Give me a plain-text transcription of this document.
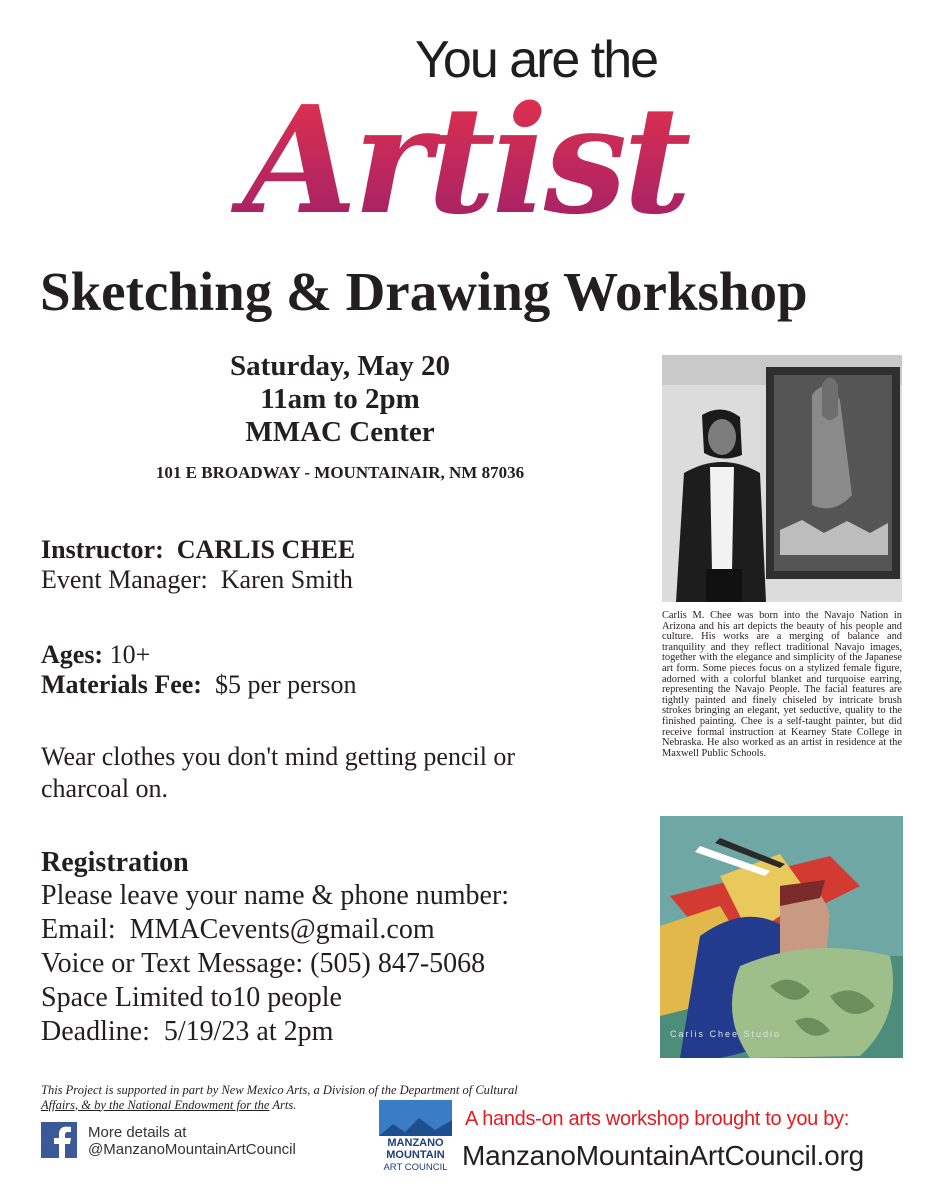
You are the
Artist
Sketching & Drawing Workshop
Saturday, May 20
11am to 2pm
MMAC Center
101 E BROADWAY - MOUNTAINAIR, NM 87036
Instructor: CARLIS CHEE
Event Manager: Karen Smith
Ages: 10+
Materials Fee: $5 per person
Wear clothes you don't mind getting pencil or
charcoal on.
Registration
Please leave your name & phone number:
Email: MMACevents@gmail.com
Voice or Text Message: (505) 847-5068
Space Limited to10 people
Deadline: 5/19/23 at 2pm
Carlis M. Chee was born into the Navajo Nation in Arizona and his art depicts the beauty of his people and culture. His works are a merging of balance and tranquility and they reflect traditional Navajo images, together with the elegance and simplicity of the Japanese art form. Some pieces focus on a stylized female figure, adorned with a colorful blanket and turquoise earring, representing the Navajo People. The facial features are tightly painted and finely chiseled by intricate brush strokes bringing an elegant, yet seductive, quality to the finished painting. Chee is a self-taught painter, but did receive formal instruction at Kearney State College in Nebraska. He also worked as an artist in residence at the Maxwell Public Schools.
Carlis Chee Studio
This Project is supported in part by New Mexico Arts, a Division of the Department of Cultural
Affairs, & by the National Endowment for the Arts.
More details at
@ManzanoMountainArtCouncil	MANZANO
MOUNTAIN
ART COUNCIL
A hands-on arts workshop brought to you by:
ManzanoMountainArtCouncil.org
